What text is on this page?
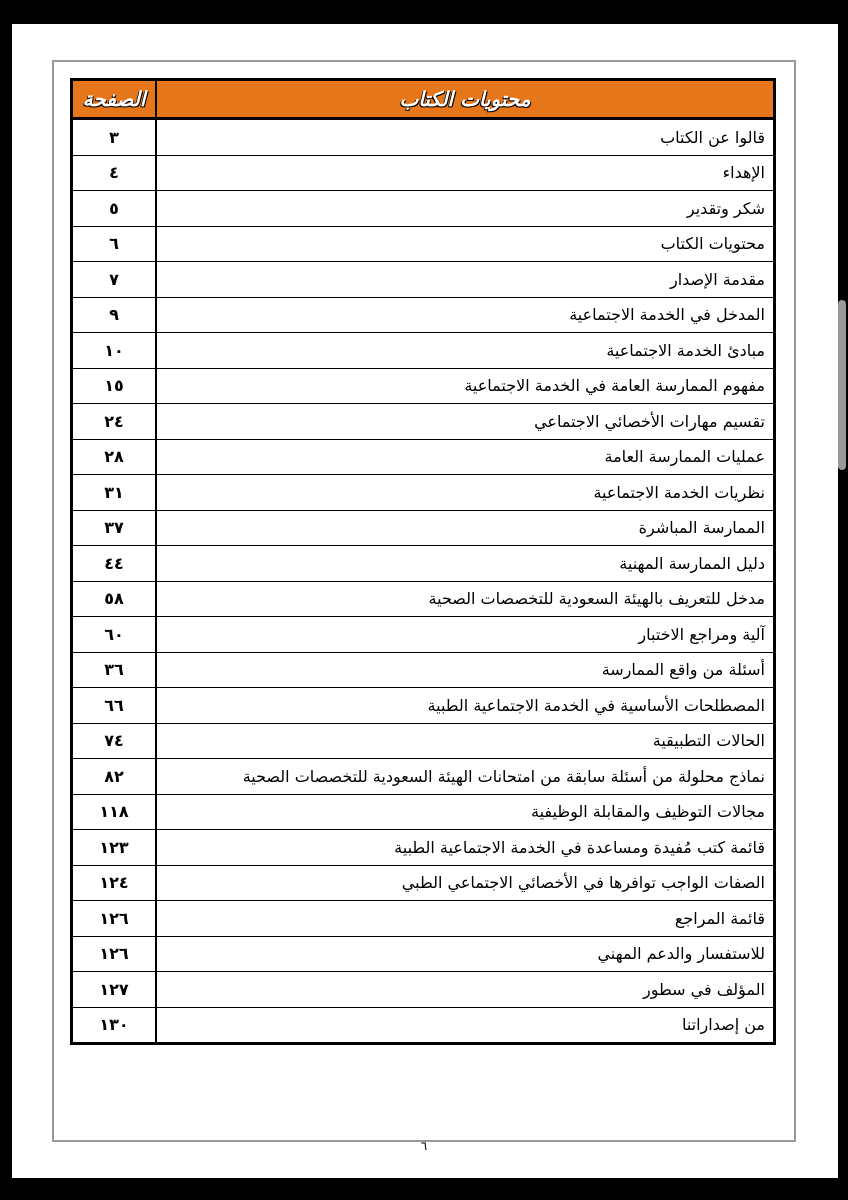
محتويات الكتاب	الصفحة
قالوا عن الكتاب	٣
الإهداء	٤
شكر وتقدير	٥
محتويات الكتاب	٦
مقدمة الإصدار	٧
المدخل في الخدمة الاجتماعية	٩
مبادئ الخدمة الاجتماعية	١٠
مفهوم الممارسة العامة في الخدمة الاجتماعية	١٥
تقسيم مهارات الأخصائي الاجتماعي	٢٤
عمليات الممارسة العامة	٢٨
نظريات الخدمة الاجتماعية	٣١
الممارسة المباشرة	٣٧
دليل الممارسة المهنية	٤٤
مدخل للتعريف بالهيئة السعودية للتخصصات الصحية	٥٨
آلية ومراجع الاختبار	٦٠
أسئلة من واقع الممارسة	٣٦
المصطلحات الأساسية في الخدمة الاجتماعية الطبية	٦٦
الحالات التطبيقية	٧٤
نماذج محلولة من أسئلة سابقة من امتحانات الهيئة السعودية للتخصصات الصحية	٨٢
مجالات التوظيف والمقابلة الوظيفية	١١٨
قائمة كتب مُفيدة ومساعدة في الخدمة الاجتماعية الطبية	١٢٣
الصفات الواجب توافرها في الأخصائي الاجتماعي الطبي	١٢٤
قائمة المراجع	١٢٦
للاستفسار والدعم المهني	١٢٦
المؤلف في سطور	١٢٧
من إصداراتنا	١٣٠
٦
